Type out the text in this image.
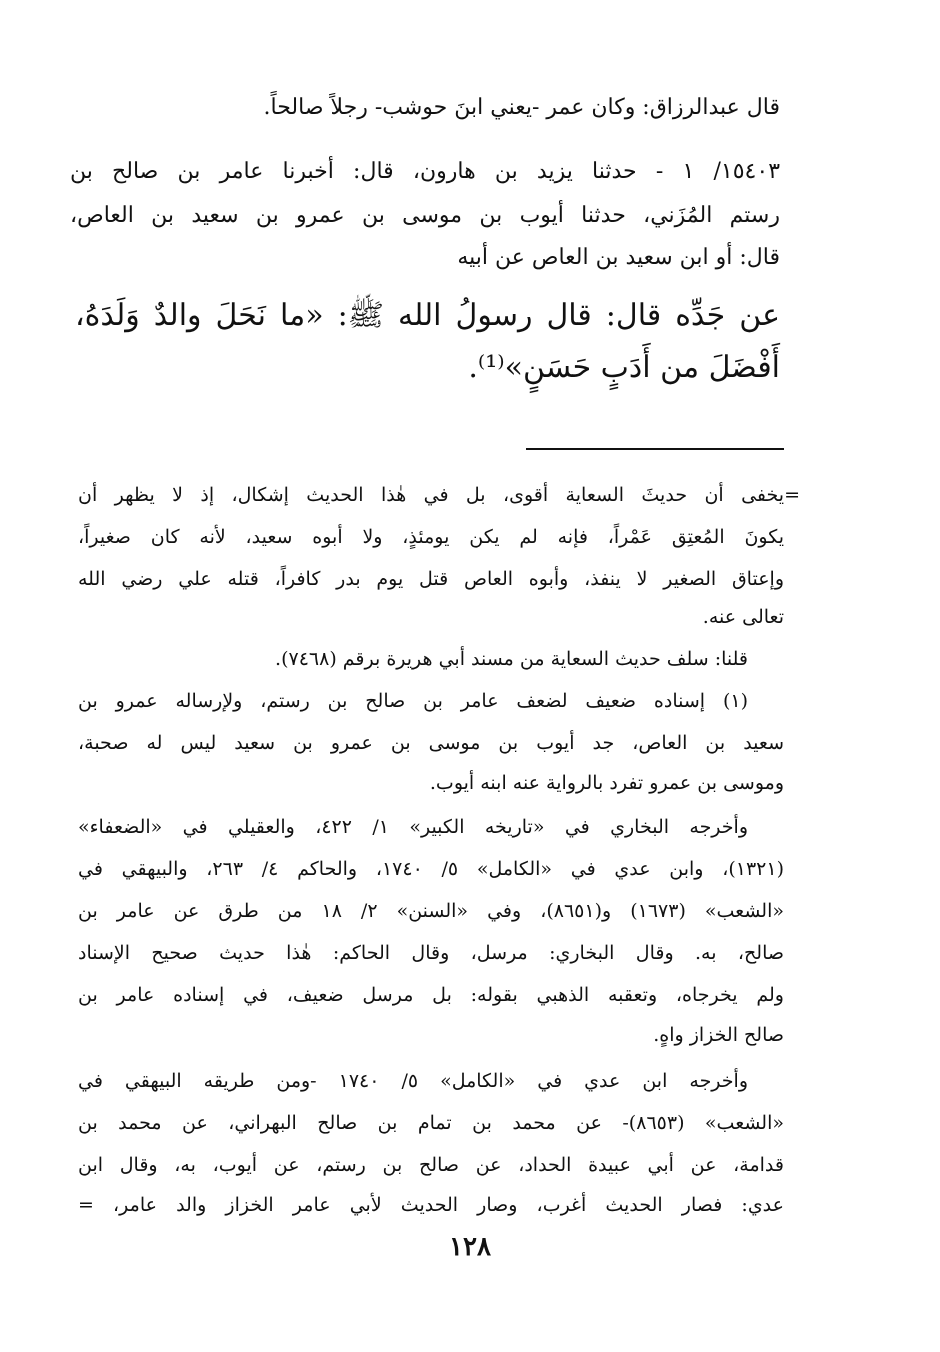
قال عبدالرزاق: وكان عمر -يعني ابنَ حوشب- رجلاً صالحاً.
١٥٤٠٣/ ١ - حدثنا يزيد بن هارون، قال: أخبرنا عامر بن صالح بن
رستم المُزَني، حدثنا أيوب بن موسى بن عمرو بن سعيد بن العاص،
قال: أو ابن سعيد بن العاص عن أبيه
عن جَدِّه قال: قال رسولُ الله ﷺ: «ما نَحَلَ والدٌ وَلَدَهُ،
أَفْضَلَ من أَدَبٍ حَسَنٍ»⁽¹⁾.
=يخفى أن حديثَ السعاية أقوى، بل في هٰذا الحديث إشكال، إذ لا يظهر أن
يكونَ المُعتِق عَمْراً، فإنه لم يكن يومئذٍ، ولا أبوه سعيد، لأنه كان صغيراً،
وإعتاق الصغير لا ينفذ، وأبوه العاص قتل يوم بدر كافراً، قتله علي رضي الله
تعالى عنه.
قلنا: سلف حديث السعاية من مسند أبي هريرة برقم (٧٤٦٨).
(١) إسناده ضعيف لضعف عامر بن صالح بن رستم، ولإرساله عمرو بن
سعيد بن العاص، جد أيوب بن موسى بن عمرو بن سعيد ليس له صحبة،
وموسى بن عمرو تفرد بالرواية عنه ابنه أيوب.
وأخرجه البخاري في «تاريخه الكبير» ١/ ٤٢٢، والعقيلي في «الضعفاء»
(١٣٢١)، وابن عدي في «الكامل» ٥/ ١٧٤٠، والحاكم ٤/ ٢٦٣، والبيهقي في
«الشعب» (١٦٧٣) و(٨٦٥١)، وفي «السنن» ٢/ ١٨ من طرق عن عامر بن
صالح، به. وقال البخاري: مرسل، وقال الحاكم: هٰذا حديث صحيح الإسناد
ولم يخرجاه، وتعقبه الذهبي بقوله: بل مرسل ضعيف، في إسناده عامر بن
صالح الخزاز واهٍ.
وأخرجه ابن عدي في «الكامل» ٥/ ١٧٤٠ -ومن طريقه البيهقي في
«الشعب» (٨٦٥٣)- عن محمد بن تمام بن صالح البهراني، عن محمد بن
قدامة، عن أبي عبيدة الحداد، عن صالح بن رستم، عن أيوب، به، وقال ابن
عدي: فصار الحديث أغرب، وصار الحديث لأبي عامر الخزاز والد عامر، =
١٢٨
